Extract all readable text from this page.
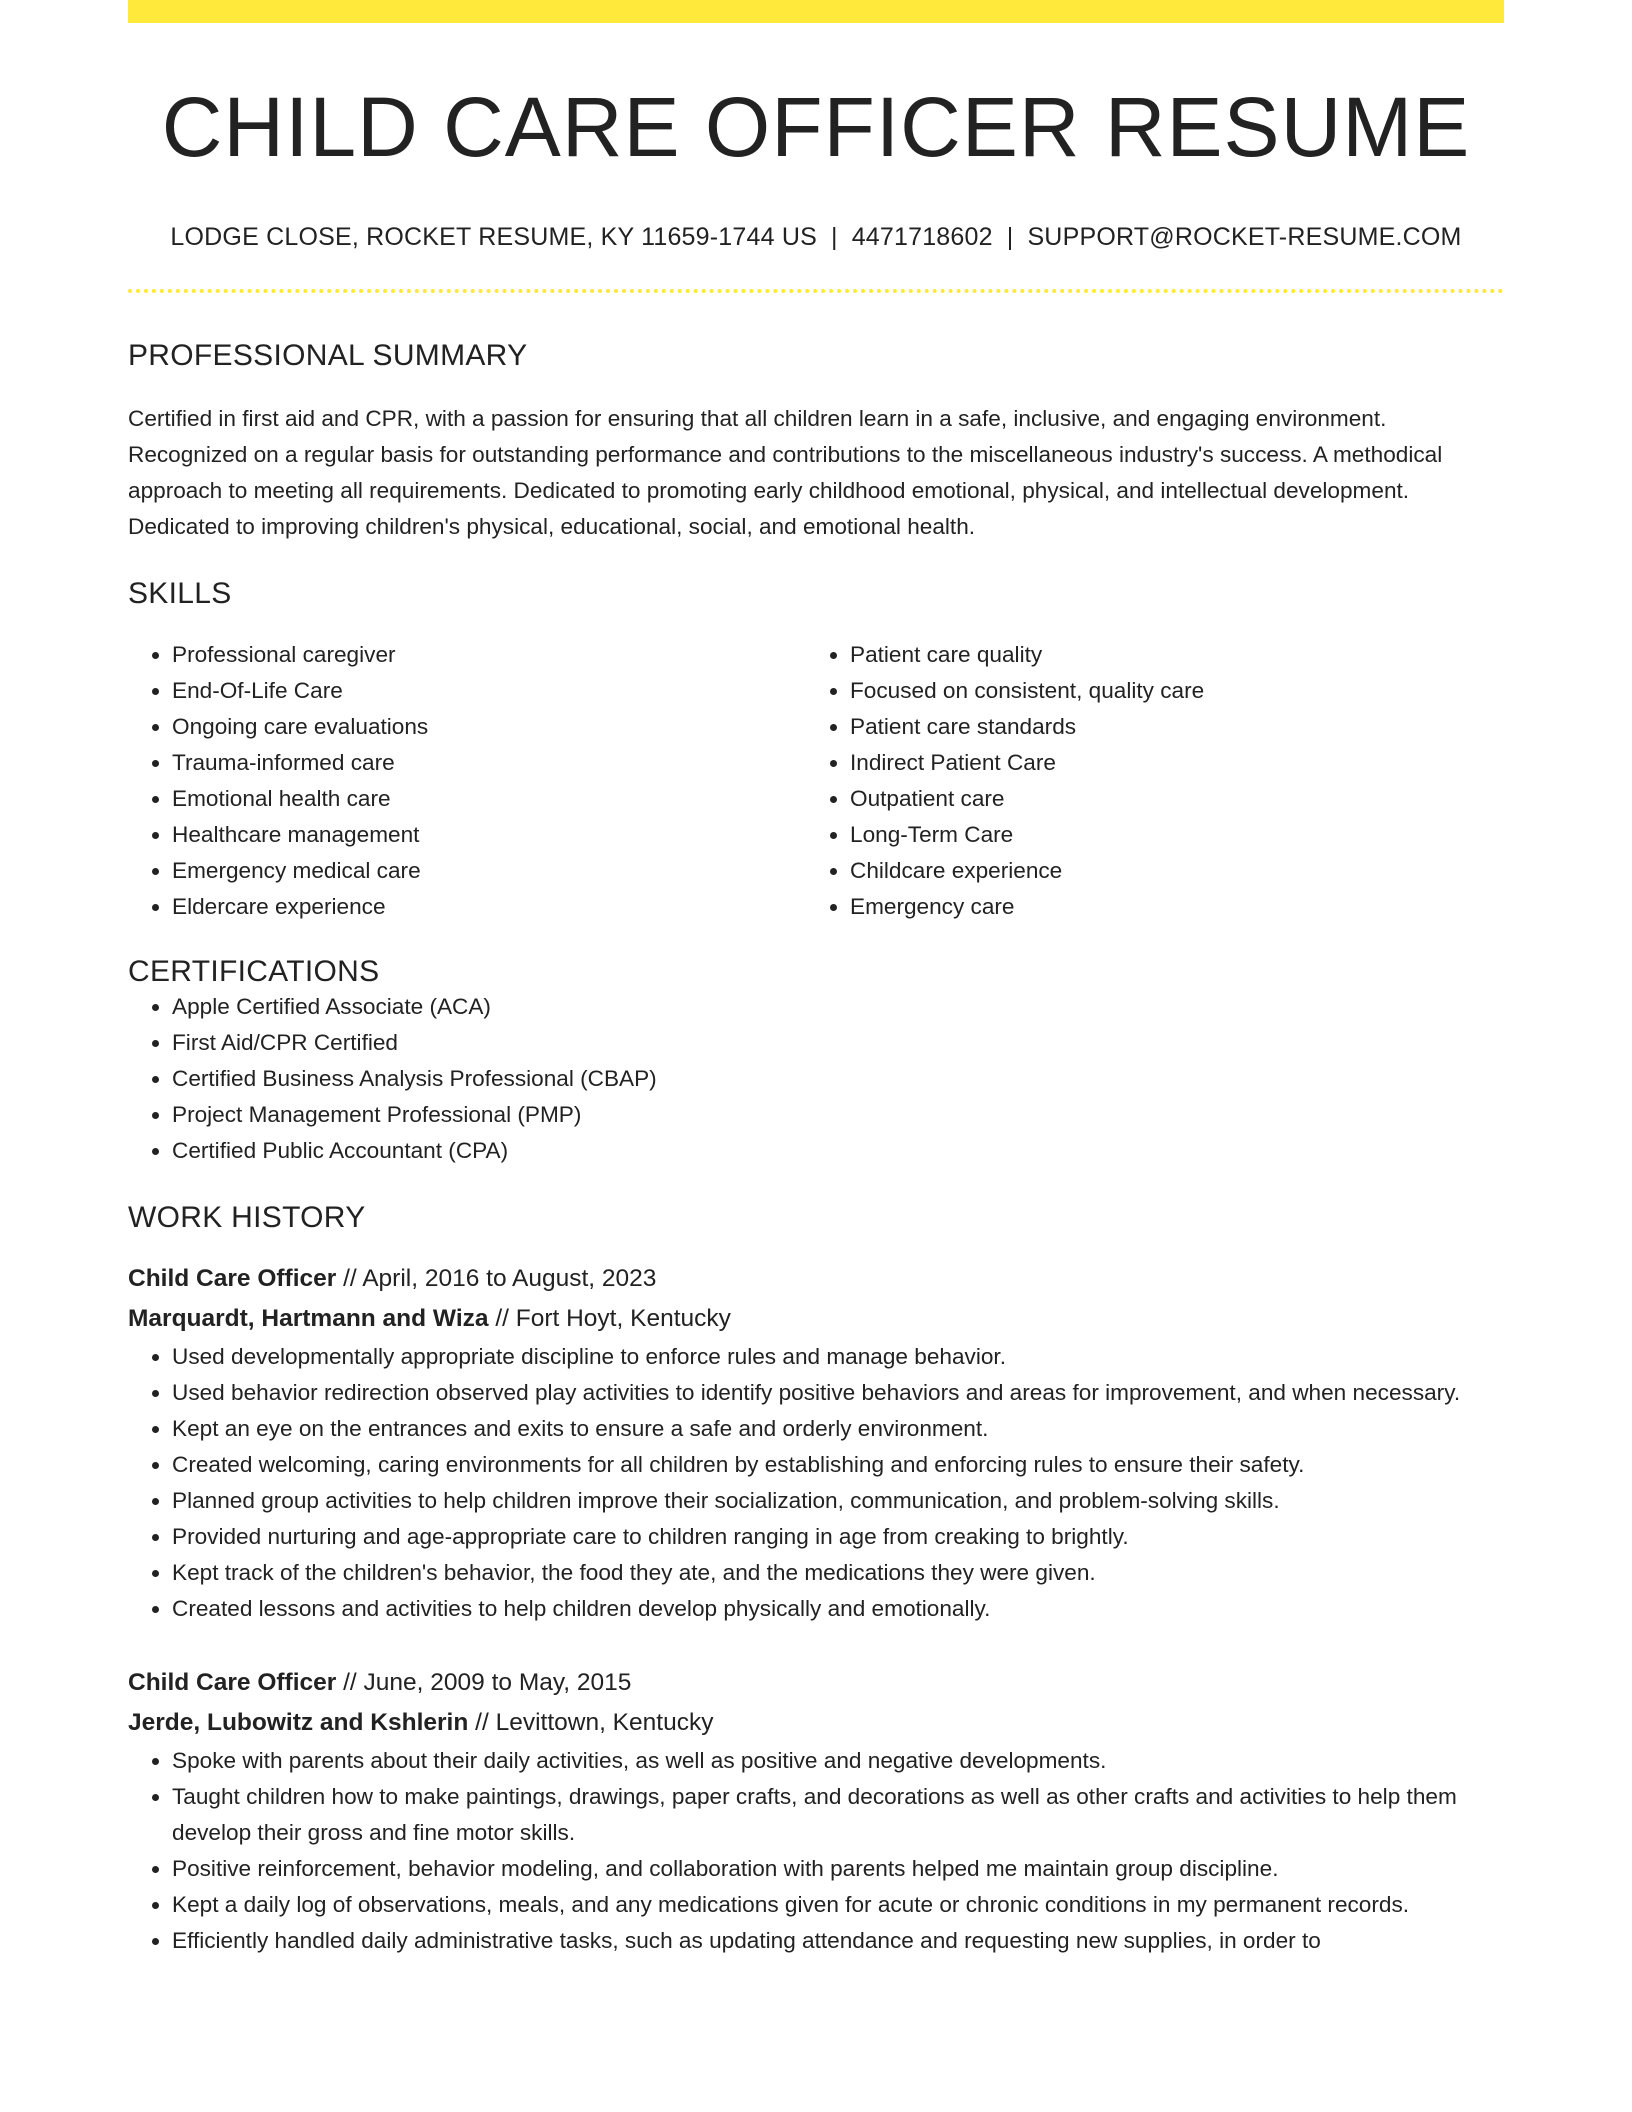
CHILD CARE OFFICER RESUME
LODGE CLOSE, ROCKET RESUME, KY 11659-1744 US | 4471718602 | SUPPORT@ROCKET-RESUME.COM
PROFESSIONAL SUMMARY

Certified in first aid and CPR, with a passion for ensuring that all children learn in a safe, inclusive, and engaging environment. Recognized on a regular basis for outstanding performance and contributions to the miscellaneous industry's success. A methodical approach to meeting all requirements. Dedicated to promoting early childhood emotional, physical, and intellectual development. Dedicated to improving children's physical, educational, social, and emotional health.

SKILLS
• Professional caregiver
• End-Of-Life Care
• Ongoing care evaluations
• Trauma-informed care
• Emotional health care
• Healthcare management
• Emergency medical care
• Eldercare experience
• Patient care quality
• Focused on consistent, quality care
• Patient care standards
• Indirect Patient Care
• Outpatient care
• Long-Term Care
• Childcare experience
• Emergency care
CERTIFICATIONS
• Apple Certified Associate (ACA)
• First Aid/CPR Certified
• Certified Business Analysis Professional (CBAP)
• Project Management Professional (PMP)
• Certified Public Accountant (CPA)
WORK HISTORY
Child Care Officer // April, 2016 to August, 2023
Marquardt, Hartmann and Wiza // Fort Hoyt, Kentucky
• Used developmentally appropriate discipline to enforce rules and manage behavior.
• Used behavior redirection observed play activities to identify positive behaviors and areas for improvement, and when necessary.
• Kept an eye on the entrances and exits to ensure a safe and orderly environment.
• Created welcoming, caring environments for all children by establishing and enforcing rules to ensure their safety.
• Planned group activities to help children improve their socialization, communication, and problem-solving skills.
• Provided nurturing and age-appropriate care to children ranging in age from creaking to brightly.
• Kept track of the children's behavior, the food they ate, and the medications they were given.
• Created lessons and activities to help children develop physically and emotionally.
Child Care Officer // June, 2009 to May, 2015
Jerde, Lubowitz and Kshlerin // Levittown, Kentucky
• Spoke with parents about their daily activities, as well as positive and negative developments.
• Taught children how to make paintings, drawings, paper crafts, and decorations as well as other crafts and activities to help them develop their gross and fine motor skills.
• Positive reinforcement, behavior modeling, and collaboration with parents helped me maintain group discipline.
• Kept a daily log of observations, meals, and any medications given for acute or chronic conditions in my permanent records.
• Efficiently handled daily administrative tasks, such as updating attendance and requesting new supplies, in order to
